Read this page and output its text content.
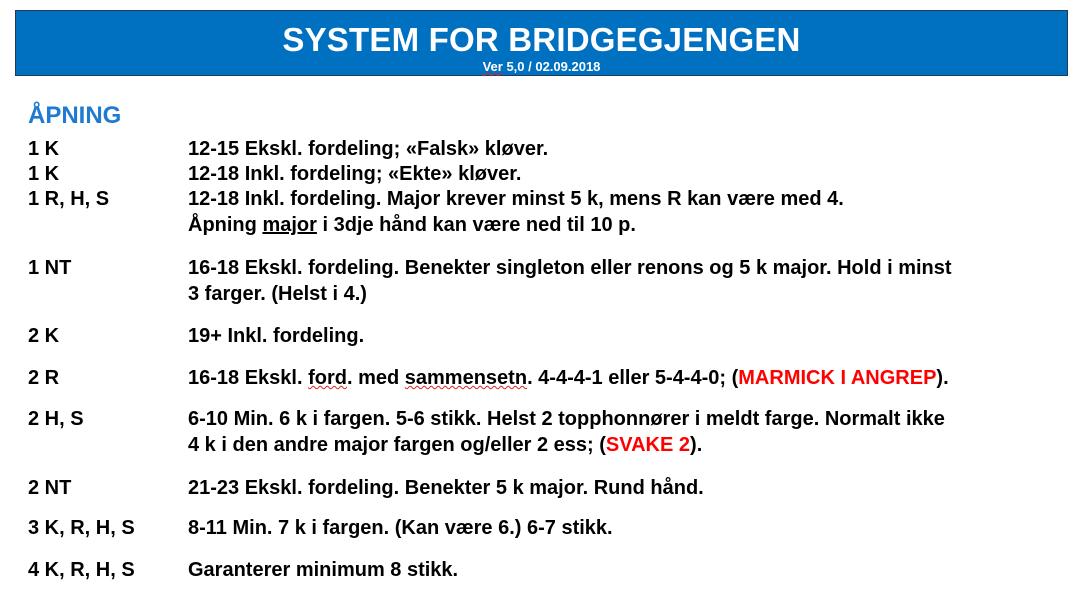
SYSTEM FOR BRIDGEGJENGEN
Ver 5,0 / 02.09.2018
ÅPNING
1 K	12-15 Ekskl. fordeling; «Falsk» kløver.
1 K	12-18 Inkl. fordeling; «Ekte» kløver.
1 R, H, S	12-18 Inkl. fordeling. Major krever minst 5 k, mens R kan være med 4.
Åpning major i 3dje hånd kan være ned til 10 p.
1 NT	16-18 Ekskl. fordeling. Benekter singleton eller renons og 5 k major. Hold i minst
3 farger. (Helst i 4.)
2 K	19+ Inkl. fordeling.
2 R	16-18 Ekskl. ford. med sammensetn. 4-4-4-1 eller 5-4-4-0; (MARMICK I ANGREP).
2 H, S	6-10 Min. 6 k i fargen. 5-6 stikk. Helst 2 topphonnører i meldt farge. Normalt ikke
4 k i den andre major fargen og/eller 2 ess; (SVAKE 2).
2 NT	21-23 Ekskl. fordeling. Benekter 5 k major. Rund hånd.
3 K, R, H, S	8-11 Min. 7 k i fargen. (Kan være 6.) 6-7 stikk.
4 K, R, H, S	Garanterer minimum 8 stikk.
